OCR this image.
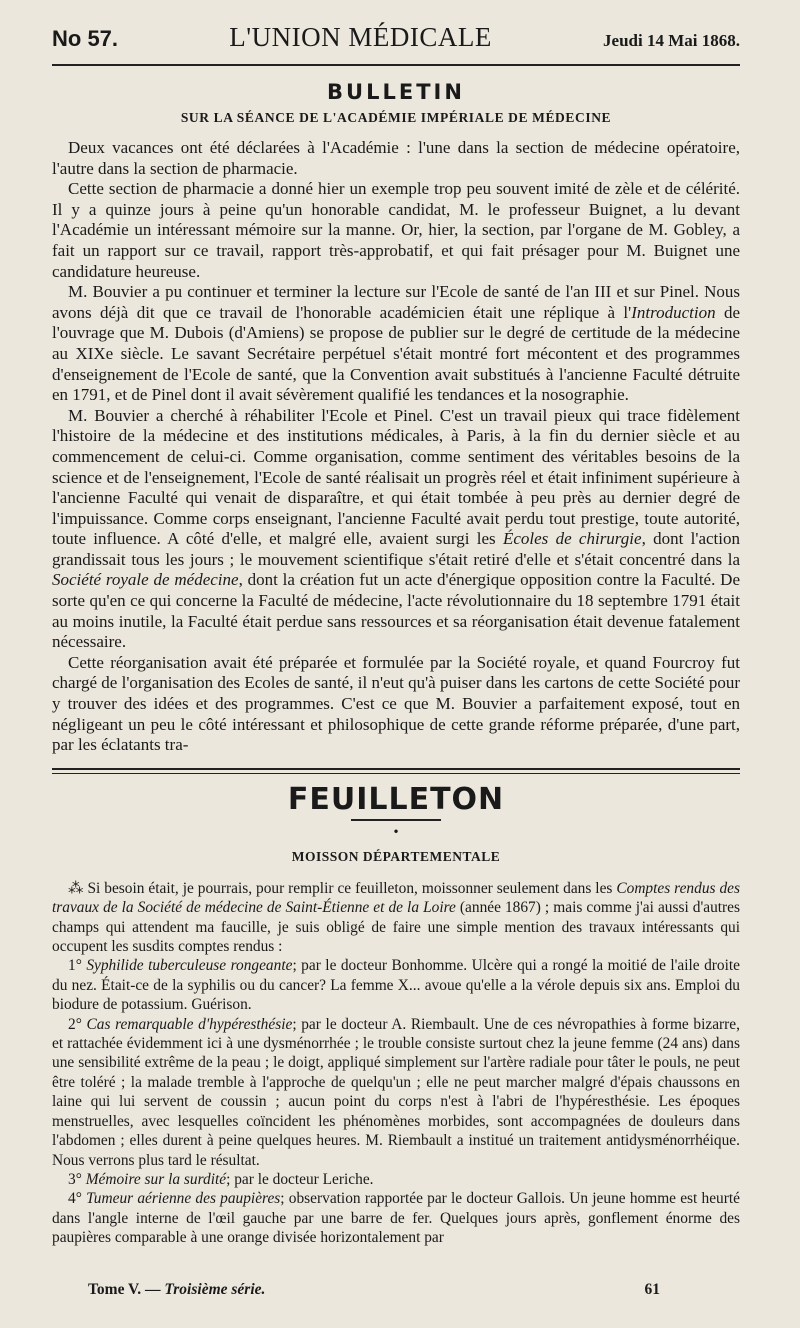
No 57.	L'UNION MÉDICALE	Jeudi 14 Mai 1868.
BULLETIN
SUR LA SÉANCE DE L'ACADÉMIE IMPÉRIALE DE MÉDECINE

Deux vacances ont été déclarées à l'Académie : l'une dans la section de médecine opératoire, l'autre dans la section de pharmacie.

Cette section de pharmacie a donné hier un exemple trop peu souvent imité de zèle et de célérité. Il y a quinze jours à peine qu'un honorable candidat, M. le professeur Buignet, a lu devant l'Académie un intéressant mémoire sur la manne. Or, hier, la section, par l'organe de M. Gobley, a fait un rapport sur ce travail, rapport très-approbatif, et qui fait présager pour M. Buignet une candidature heureuse.

M. Bouvier a pu continuer et terminer la lecture sur l'Ecole de santé de l'an III et sur Pinel. Nous avons déjà dit que ce travail de l'honorable académicien était une réplique à l'Introduction de l'ouvrage que M. Dubois (d'Amiens) se propose de publier sur le degré de certitude de la médecine au XIXe siècle. Le savant Secrétaire perpétuel s'était montré fort mécontent et des programmes d'enseignement de l'Ecole de santé, que la Convention avait substitués à l'ancienne Faculté détruite en 1791, et de Pinel dont il avait sévèrement qualifié les tendances et la nosographie.

M. Bouvier a cherché à réhabiliter l'Ecole et Pinel. C'est un travail pieux qui trace fidèlement l'histoire de la médecine et des institutions médicales, à Paris, à la fin du dernier siècle et au commencement de celui-ci. Comme organisation, comme sentiment des véritables besoins de la science et de l'enseignement, l'Ecole de santé réalisait un progrès réel et était infiniment supérieure à l'ancienne Faculté qui venait de disparaître, et qui était tombée à peu près au dernier degré de l'impuissance. Comme corps enseignant, l'ancienne Faculté avait perdu tout prestige, toute autorité, toute influence. A côté d'elle, et malgré elle, avaient surgi les Écoles de chirurgie, dont l'action grandissait tous les jours ; le mouvement scientifique s'était retiré d'elle et s'était concentré dans la Société royale de médecine, dont la création fut un acte d'énergique opposition contre la Faculté. De sorte qu'en ce qui concerne la Faculté de médecine, l'acte révolutionnaire du 18 septembre 1791 était au moins inutile, la Faculté était perdue sans ressources et sa réorganisation était devenue fatalement nécessaire.

Cette réorganisation avait été préparée et formulée par la Société royale, et quand Fourcroy fut chargé de l'organisation des Ecoles de santé, il n'eut qu'à puiser dans les cartons de cette Société pour y trouver des idées et des programmes. C'est ce que M. Bouvier a parfaitement exposé, tout en négligeant un peu le côté intéressant et philosophique de cette grande réforme préparée, d'une part, par les éclatants tra-

FEUILLETON
•
MOISSON DÉPARTEMENTALE

⁂ Si besoin était, je pourrais, pour remplir ce feuilleton, moissonner seulement dans les Comptes rendus des travaux de la Société de médecine de Saint-Étienne et de la Loire (année 1867) ; mais comme j'ai aussi d'autres champs qui attendent ma faucille, je suis obligé de faire une simple mention des travaux intéressants qui occupent les susdits comptes rendus :

1° Syphilide tuberculeuse rongeante; par le docteur Bonhomme. Ulcère qui a rongé la moitié de l'aile droite du nez. Était-ce de la syphilis ou du cancer? La femme X... avoue qu'elle a la vérole depuis six ans. Emploi du biodure de potassium. Guérison.

2° Cas remarquable d'hypéresthésie; par le docteur A. Riembault. Une de ces névropathies à forme bizarre, et rattachée évidemment ici à une dysménorrhée ; le trouble consiste surtout chez la jeune femme (24 ans) dans une sensibilité extrême de la peau ; le doigt, appliqué simplement sur l'artère radiale pour tâter le pouls, ne peut être toléré ; la malade tremble à l'approche de quelqu'un ; elle ne peut marcher malgré d'épais chaussons en laine qui lui servent de coussin ; aucun point du corps n'est à l'abri de l'hypéresthésie. Les époques menstruelles, avec lesquelles coïncident les phénomènes morbides, sont accompagnées de douleurs dans l'abdomen ; elles durent à peine quelques heures. M. Riembault a institué un traitement antidysménorrhéique. Nous verrons plus tard le résultat.

3° Mémoire sur la surdité; par le docteur Leriche.

4° Tumeur aérienne des paupières; observation rapportée par le docteur Gallois. Un jeune homme est heurté dans l'angle interne de l'œil gauche par une barre de fer. Quelques jours après, gonflement énorme des paupières comparable à une orange divisée horizontalement par

Tome V. — Troisième série.	61
